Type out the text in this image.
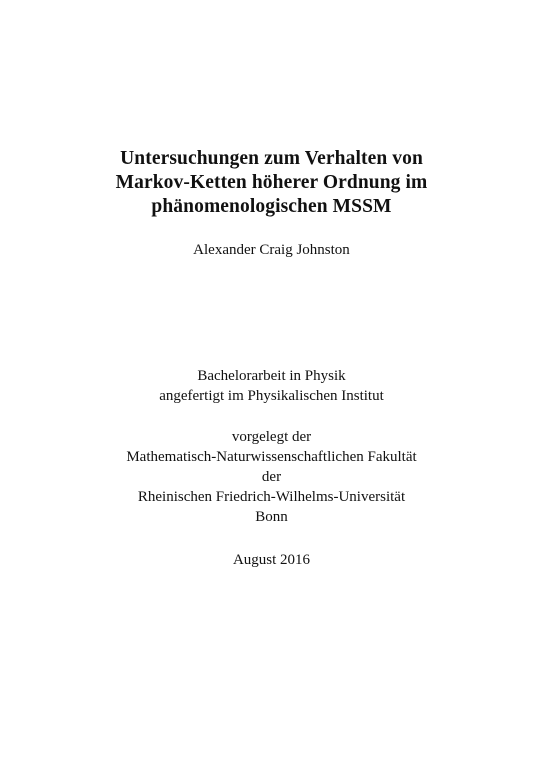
Untersuchungen zum Verhalten von
Markov-Ketten höherer Ordnung im
phänomenologischen MSSM
Alexander Craig Johnston
Bachelorarbeit in Physik
angefertigt im Physikalischen Institut
vorgelegt der
Mathematisch-Naturwissenschaftlichen Fakultät
der
Rheinischen Friedrich-Wilhelms-Universität
Bonn
August 2016
